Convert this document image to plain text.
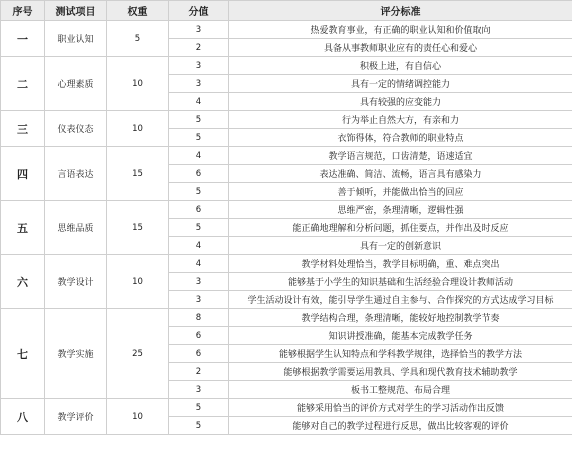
序号	测试项目	权重	分值	评分标准
一	职业认知	5	3	热爱教育事业，有正确的职业认知和价值取向
			2	具备从事教师职业应有的责任心和爱心
二	心理素质	10	3	积极上进，有自信心
			3	具有一定的情绪调控能力
			4	具有较强的应变能力
三	仪表仪态	10	5	行为举止自然大方，有亲和力
			5	衣饰得体，符合教师的职业特点
四	言语表达	15	4	教学语言规范，口齿清楚，语速适宜
			6	表达准确、简洁、流畅，语言具有感染力
			5	善于倾听，并能做出恰当的回应
五	思维品质	15	6	思维严密，条理清晰，逻辑性强
			5	能正确地理解和分析问题，抓住要点，并作出及时反应
			4	具有一定的创新意识
六	教学设计	10	4	教学材料处理恰当，教学目标明确，重、难点突出
			3	能够基于小学生的知识基础和生活经验合理设计教师活动
			3	学生活动设计有效，能引导学生通过自主参与、合作探究的方式达成学习目标
七	教学实施	25	8	教学结构合理，条理清晰，能较好地控制教学节奏
			6	知识讲授准确，能基本完成教学任务
			6	能够根据学生认知特点和学科教学规律，选择恰当的教学方法
			2	能够根据教学需要运用教具、学具和现代教育技术辅助教学
			3	板书工整规范、布局合理
八	教学评价	10	5	能够采用恰当的评价方式对学生的学习活动作出反馈
			5	能够对自己的教学过程进行反思，做出比较客观的评价
